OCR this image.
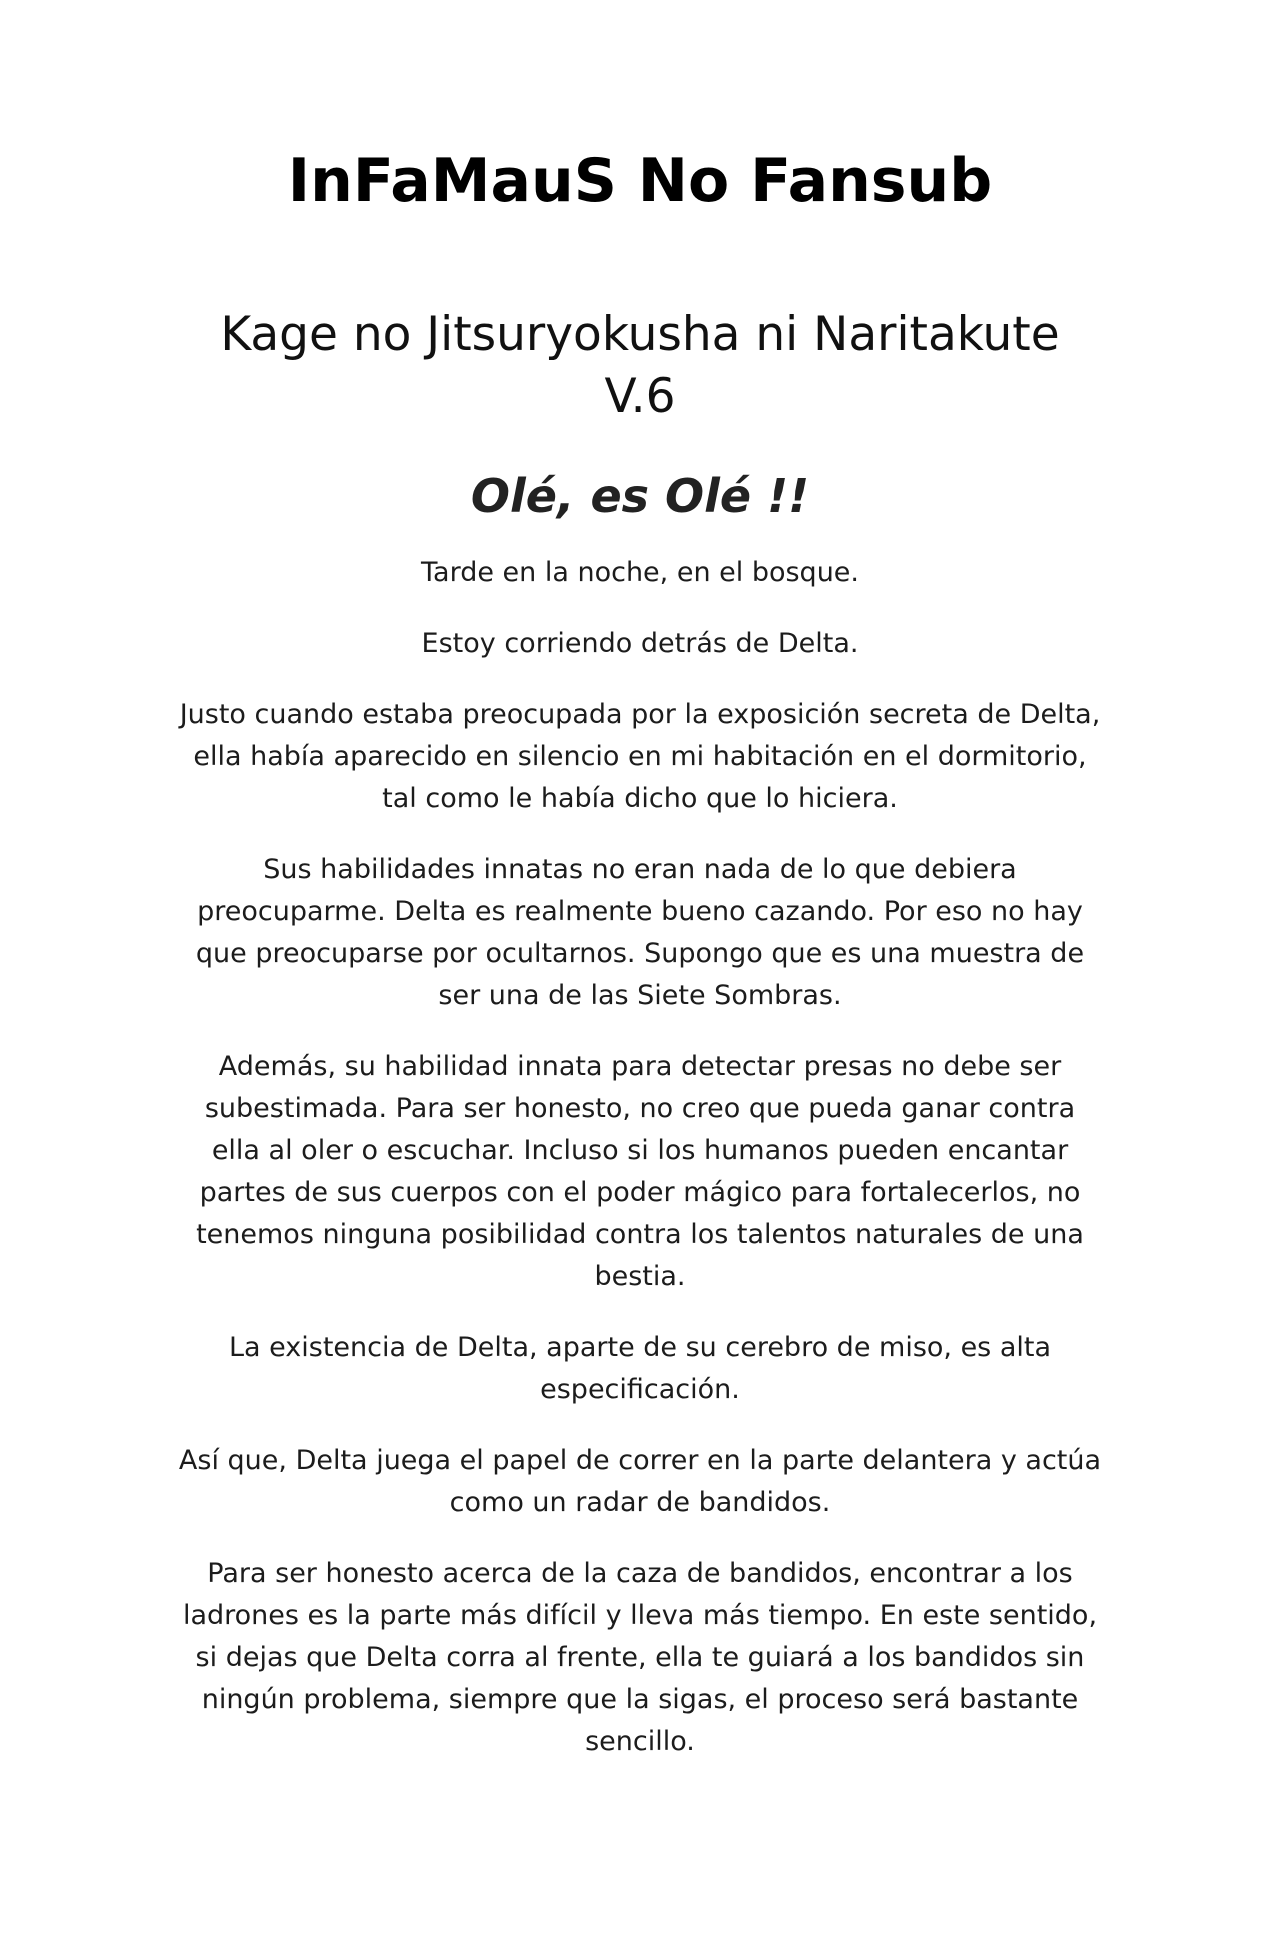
InFaMauS No Fansub
Kage no Jitsuryokusha ni Naritakute V.6
Olé, es Olé !!

Tarde en la noche, en el bosque.

Estoy corriendo detrás de Delta.

Justo cuando estaba preocupada por la exposición secreta de Delta, ella había aparecido en silencio en mi habitación en el dormitorio, tal como le había dicho que lo hiciera.

Sus habilidades innatas no eran nada de lo que debiera preocuparme. Delta es realmente bueno cazando. Por eso no hay que preocuparse por ocultarnos. Supongo que es una muestra de ser una de las Siete Sombras.

Además, su habilidad innata para detectar presas no debe ser subestimada. Para ser honesto, no creo que pueda ganar contra ella al oler o escuchar. Incluso si los humanos pueden encantar partes de sus cuerpos con el poder mágico para fortalecerlos, no tenemos ninguna posibilidad contra los talentos naturales de una bestia.

La existencia de Delta, aparte de su cerebro de miso, es alta especificación.

Así que, Delta juega el papel de correr en la parte delantera y actúa como un radar de bandidos.

Para ser honesto acerca de la caza de bandidos, encontrar a los ladrones es la parte más difícil y lleva más tiempo. En este sentido, si dejas que Delta corra al frente, ella te guiará a los bandidos sin ningún problema, siempre que la sigas, el proceso será bastante sencillo.
